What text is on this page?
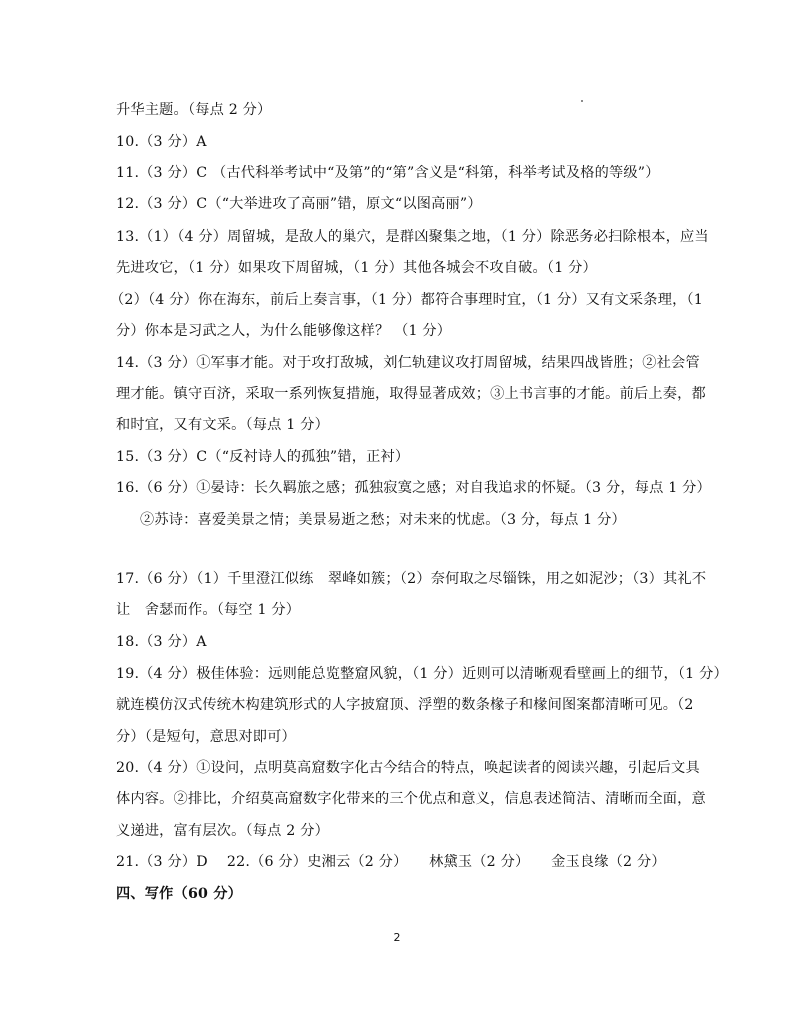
升华主题。（每点 2 分）
10.（3 分）A
11.（3 分）C （古代科举考试中“及第”的“第”含义是“科第，科举考试及格的等级”）
12.（3 分）C（“大举进攻了高丽”错，原文“以图高丽”）
13.（1）（4 分）周留城，是敌人的巢穴，是群凶聚集之地，（1 分）除恶务必扫除根本，应当
先进攻它，（1 分）如果攻下周留城，（1 分）其他各城会不攻自破。（1 分）
（2）（4 分）你在海东，前后上奏言事，（1 分）都符合事理时宜，（1 分）又有文采条理，（1
分）你本是习武之人，为什么能够像这样？ （1 分）
14.（3 分）①军事才能。对于攻打敌城，刘仁轨建议攻打周留城，结果四战皆胜；②社会管
理才能。镇守百济，采取一系列恢复措施，取得显著成效；③上书言事的才能。前后上奏，都
和时宜，又有文采。（每点 1 分）
15.（3 分）C（“反衬诗人的孤独”错，正衬）
16.（6 分）①晏诗：长久羁旅之感；孤独寂寞之感；对自我追求的怀疑。（3 分，每点 1 分）
②苏诗：喜爱美景之情；美景易逝之愁；对未来的忧虑。（3 分，每点 1 分）
17.（6 分）（1）千里澄江似练　翠峰如簇；（2）奈何取之尽锱铢，用之如泥沙；（3）其礼不
让　舍瑟而作。（每空 1 分）
18.（3 分）A
19.（4 分）极佳体验：远则能总览整窟风貌，（1 分）近则可以清晰观看壁画上的细节，（1 分）
就连模仿汉式传统木构建筑形式的人字披窟顶、浮塑的数条椽子和椽间图案都清晰可见。（2
分）（是短句，意思对即可）
20.（4 分）①设问，点明莫高窟数字化古今结合的特点，唤起读者的阅读兴趣，引起后文具
体内容。②排比，介绍莫高窟数字化带来的三个优点和意义，信息表述简洁、清晰而全面，意
义递进，富有层次。（每点 2 分）
21.（3 分）D　 22.（6 分）史湘云（2 分）　　林黛玉（2 分）　　金玉良缘（2 分）
四、写作（60 分）
2
